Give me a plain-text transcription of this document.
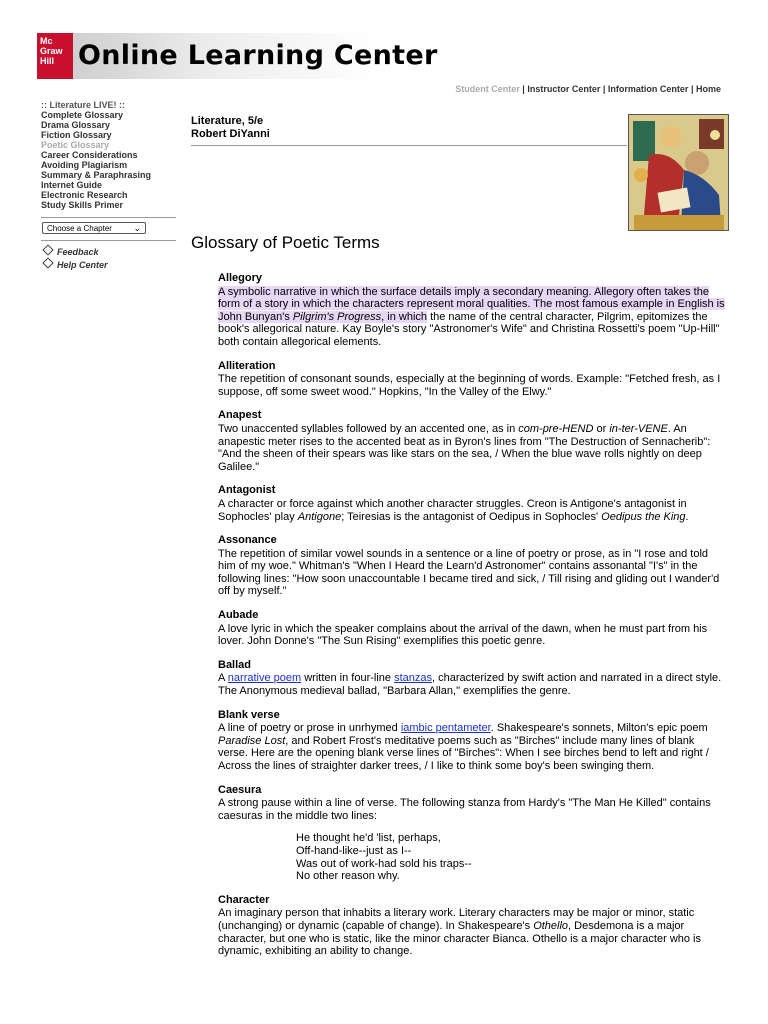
Mc
Graw
Hill Online Learning Center
Student Center | Instructor Center | Information Center | Home
:: Literature LIVE! ::
Complete Glossary
Drama Glossary
Fiction Glossary
Poetic Glossary
Career Considerations
Avoiding Plagiarism
Summary & Paraphrasing
Internet Guide
Electronic Research
Study Skills Primer
Choose a Chapter ⌄
Feedback
Help Center
Literature, 5/e
Robert DiYanni
Glossary of Poetic Terms
Allegory
A symbolic narrative in which the surface details imply a secondary meaning. Allegory often takes the form of a story in which the characters represent moral qualities. The most famous example in English is John Bunyan's Pilgrim's Progress, in which the name of the central character, Pilgrim, epitomizes the book's allegorical nature. Kay Boyle's story "Astronomer's Wife" and Christina Rossetti's poem "Up-Hill" both contain allegorical elements.
Alliteration
The repetition of consonant sounds, especially at the beginning of words. Example: "Fetched fresh, as I suppose, off some sweet wood." Hopkins, "In the Valley of the Elwy."
Anapest
Two unaccented syllables followed by an accented one, as in com-pre-HEND or in-ter-VENE. An anapestic meter rises to the accented beat as in Byron's lines from "The Destruction of Sennacherib": "And the sheen of their spears was like stars on the sea, / When the blue wave rolls nightly on deep Galilee."
Antagonist
A character or force against which another character struggles. Creon is Antigone's antagonist in Sophocles' play Antigone; Teiresias is the antagonist of Oedipus in Sophocles' Oedipus the King.
Assonance
The repetition of similar vowel sounds in a sentence or a line of poetry or prose, as in "I rose and told him of my woe." Whitman's "When I Heard the Learn'd Astronomer" contains assonantal "I's" in the following lines: "How soon unaccountable I became tired and sick, / Till rising and gliding out I wander'd off by myself."
Aubade
A love lyric in which the speaker complains about the arrival of the dawn, when he must part from his lover. John Donne's "The Sun Rising" exemplifies this poetic genre.
Ballad
A narrative poem written in four-line stanzas, characterized by swift action and narrated in a direct style. The Anonymous medieval ballad, "Barbara Allan," exemplifies the genre.
Blank verse
A line of poetry or prose in unrhymed iambic pentameter. Shakespeare's sonnets, Milton's epic poem Paradise Lost, and Robert Frost's meditative poems such as "Birches" include many lines of blank verse. Here are the opening blank verse lines of "Birches": When I see birches bend to left and right / Across the lines of straighter darker trees, / I like to think some boy's been swinging them.
Caesura
A strong pause within a line of verse. The following stanza from Hardy's "The Man He Killed" contains caesuras in the middle two lines:
He thought he'd 'list, perhaps,
Off-hand-like--just as I--
Was out of work-had sold his traps--
No other reason why.
Character
An imaginary person that inhabits a literary work. Literary characters may be major or minor, static (unchanging) or dynamic (capable of change). In Shakespeare's Othello, Desdemona is a major character, but one who is static, like the minor character Bianca. Othello is a major character who is dynamic, exhibiting an ability to change.
